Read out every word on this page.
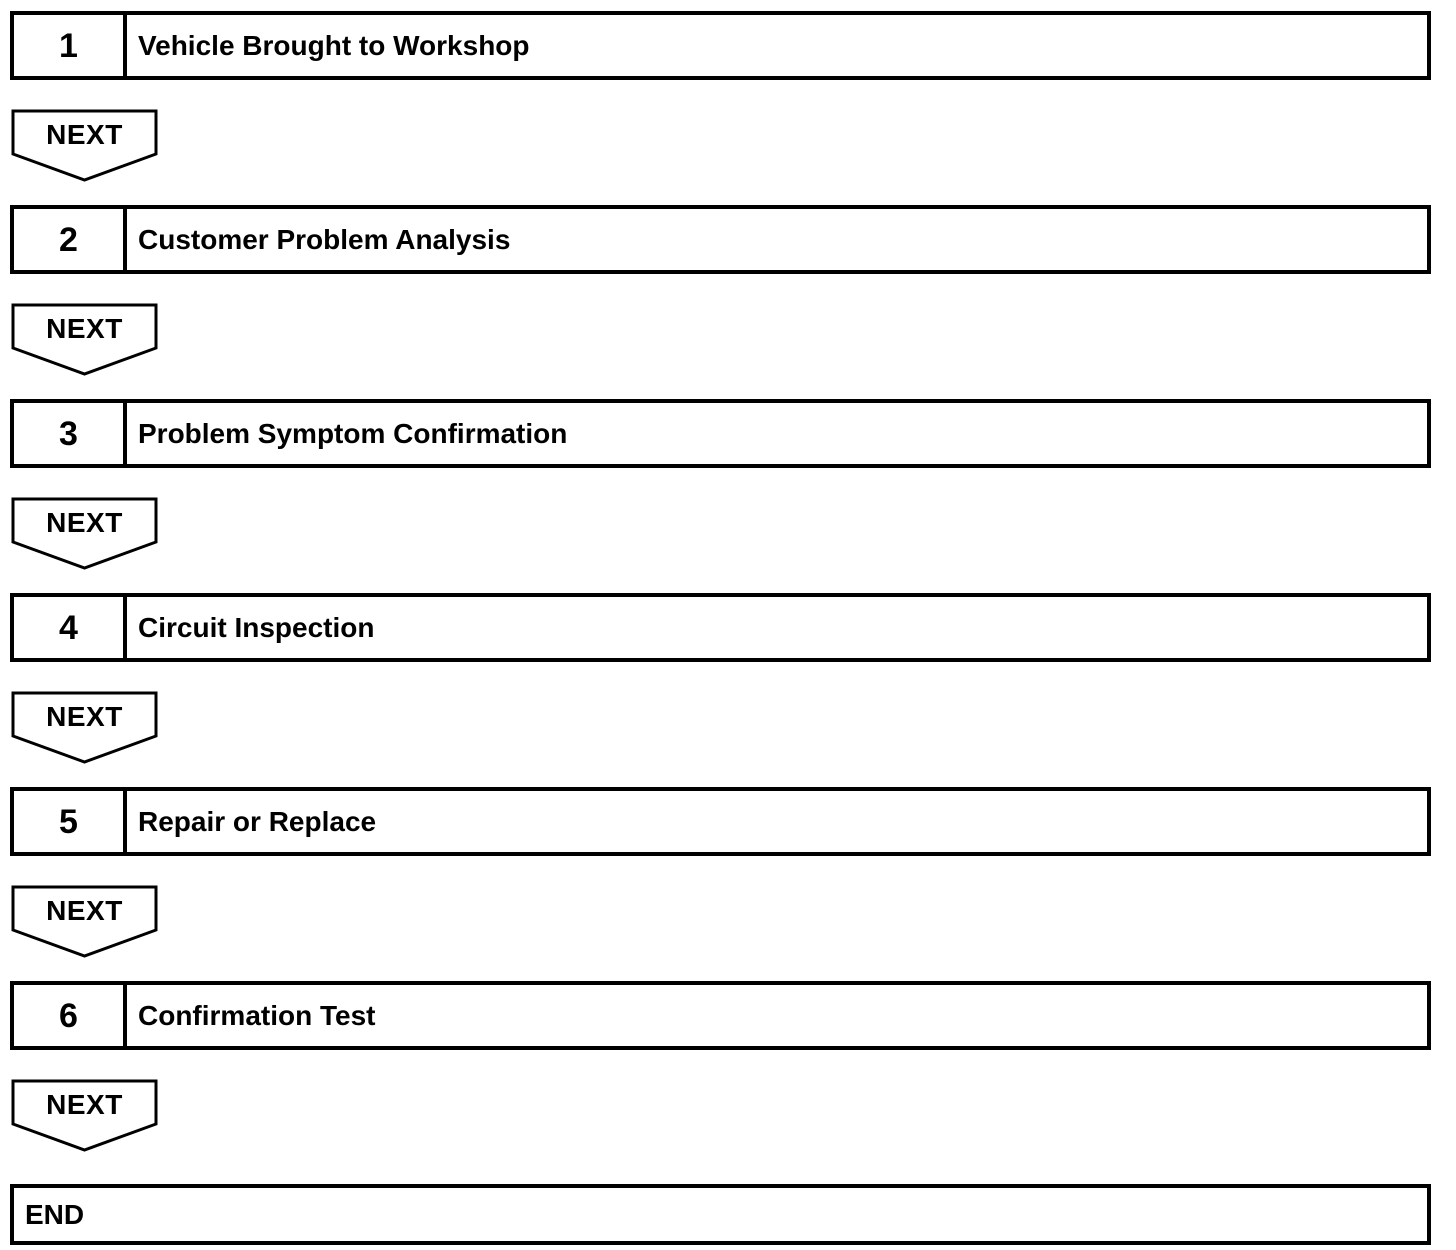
1	Vehicle Brought to Workshop
NEXT
2	Customer Problem Analysis
NEXT
3	Problem Symptom Confirmation
NEXT
4	Circuit Inspection
NEXT
5	Repair or Replace
NEXT
6	Confirmation Test
NEXT
END
